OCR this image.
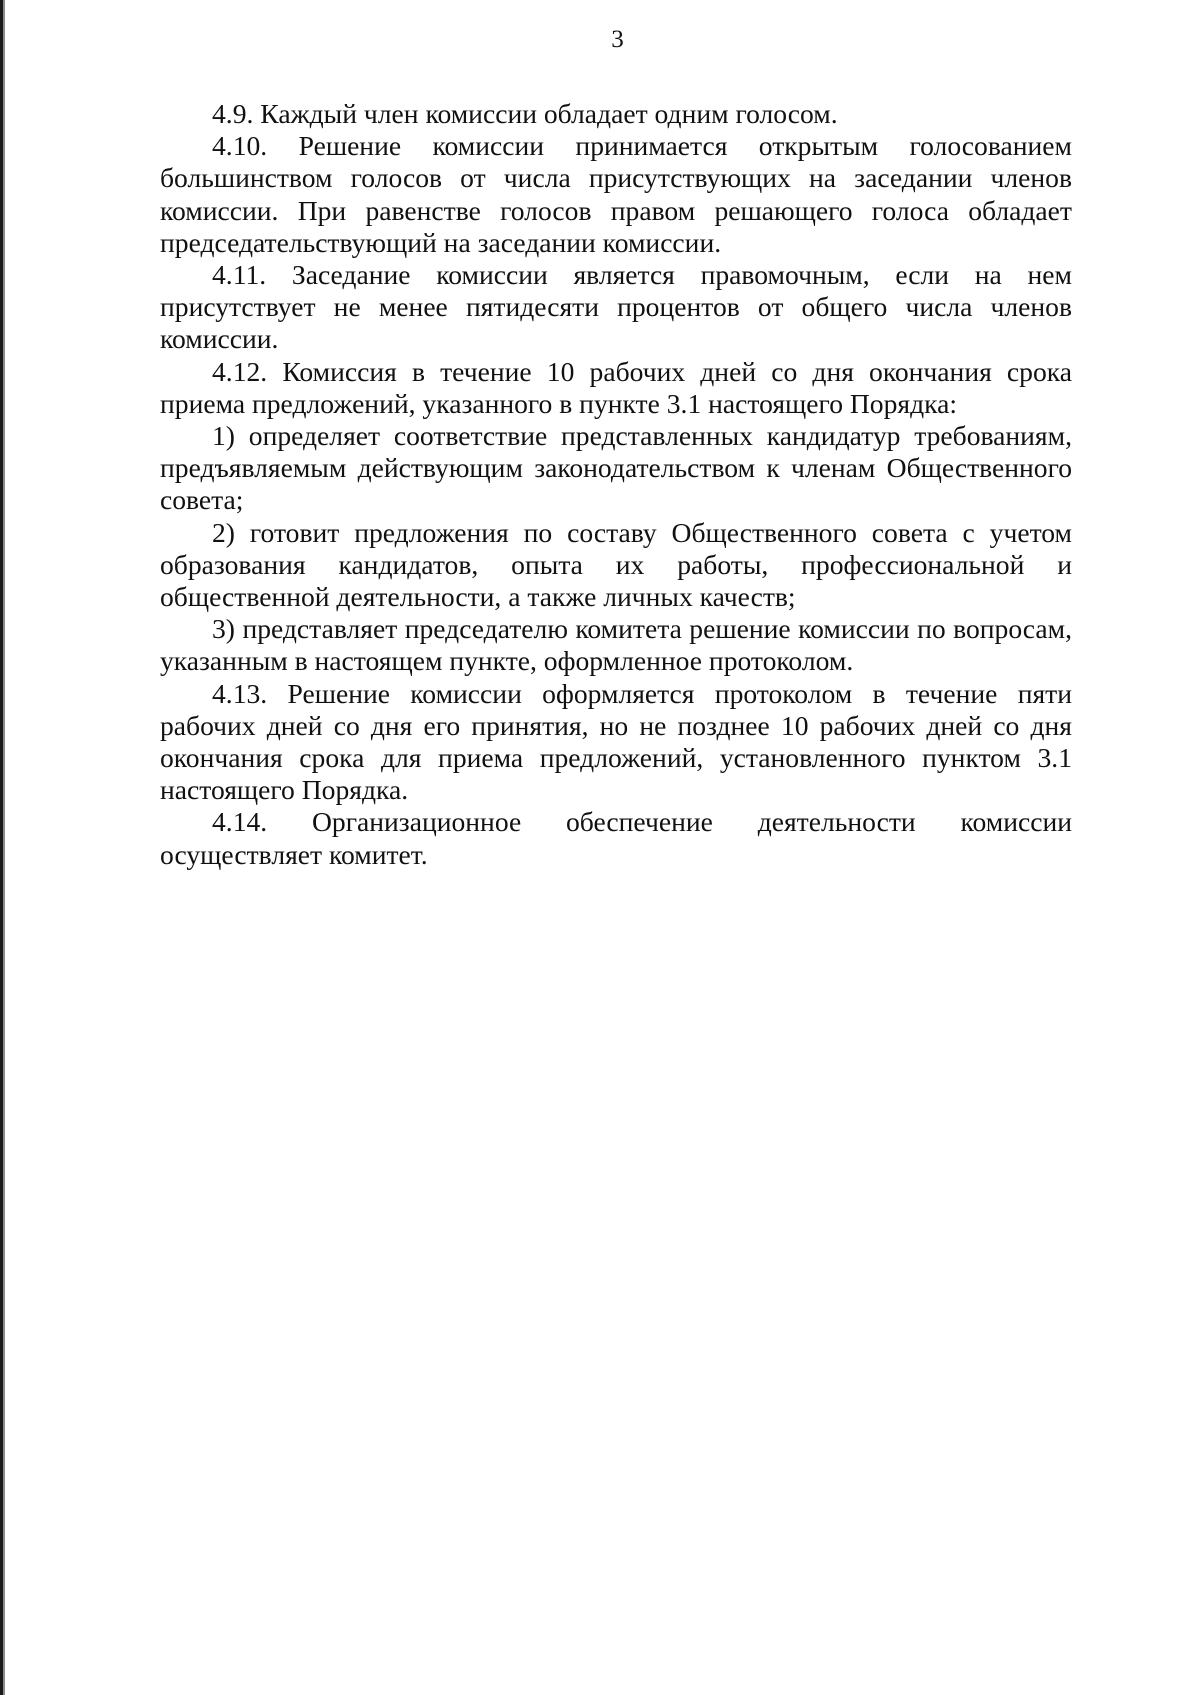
3

4.9. Каждый член комиссии обладает одним голосом.

4.10. Решение комиссии принимается открытым голосованием большинством голосов от числа присутствующих на заседании членов комиссии. При равенстве голосов правом решающего голоса обладает председательствующий на заседании комиссии.

4.11. Заседание комиссии является правомочным, если на нем присутствует не менее пятидесяти процентов от общего числа членов комиссии.

4.12. Комиссия в течение 10 рабочих дней со дня окончания срока приема предложений, указанного в пункте 3.1 настоящего Порядка:

1) определяет соответствие представленных кандидатур требованиям, предъявляемым действующим законодательством к членам Общественного совета;

2) готовит предложения по составу Общественного совета с учетом образования кандидатов, опыта их работы, профессиональной и общественной деятельности, а также личных качеств;

3) представляет председателю комитета решение комиссии по вопросам, указанным в настоящем пункте, оформленное протоколом.

4.13. Решение комиссии оформляется протоколом в течение пяти рабочих дней со дня его принятия, но не позднее 10 рабочих дней со дня окончания срока для приема предложений, установленного пунктом 3.1 настоящего Порядка.

4.14. Организационное обеспечение деятельности комиссии осуществляет комитет.
